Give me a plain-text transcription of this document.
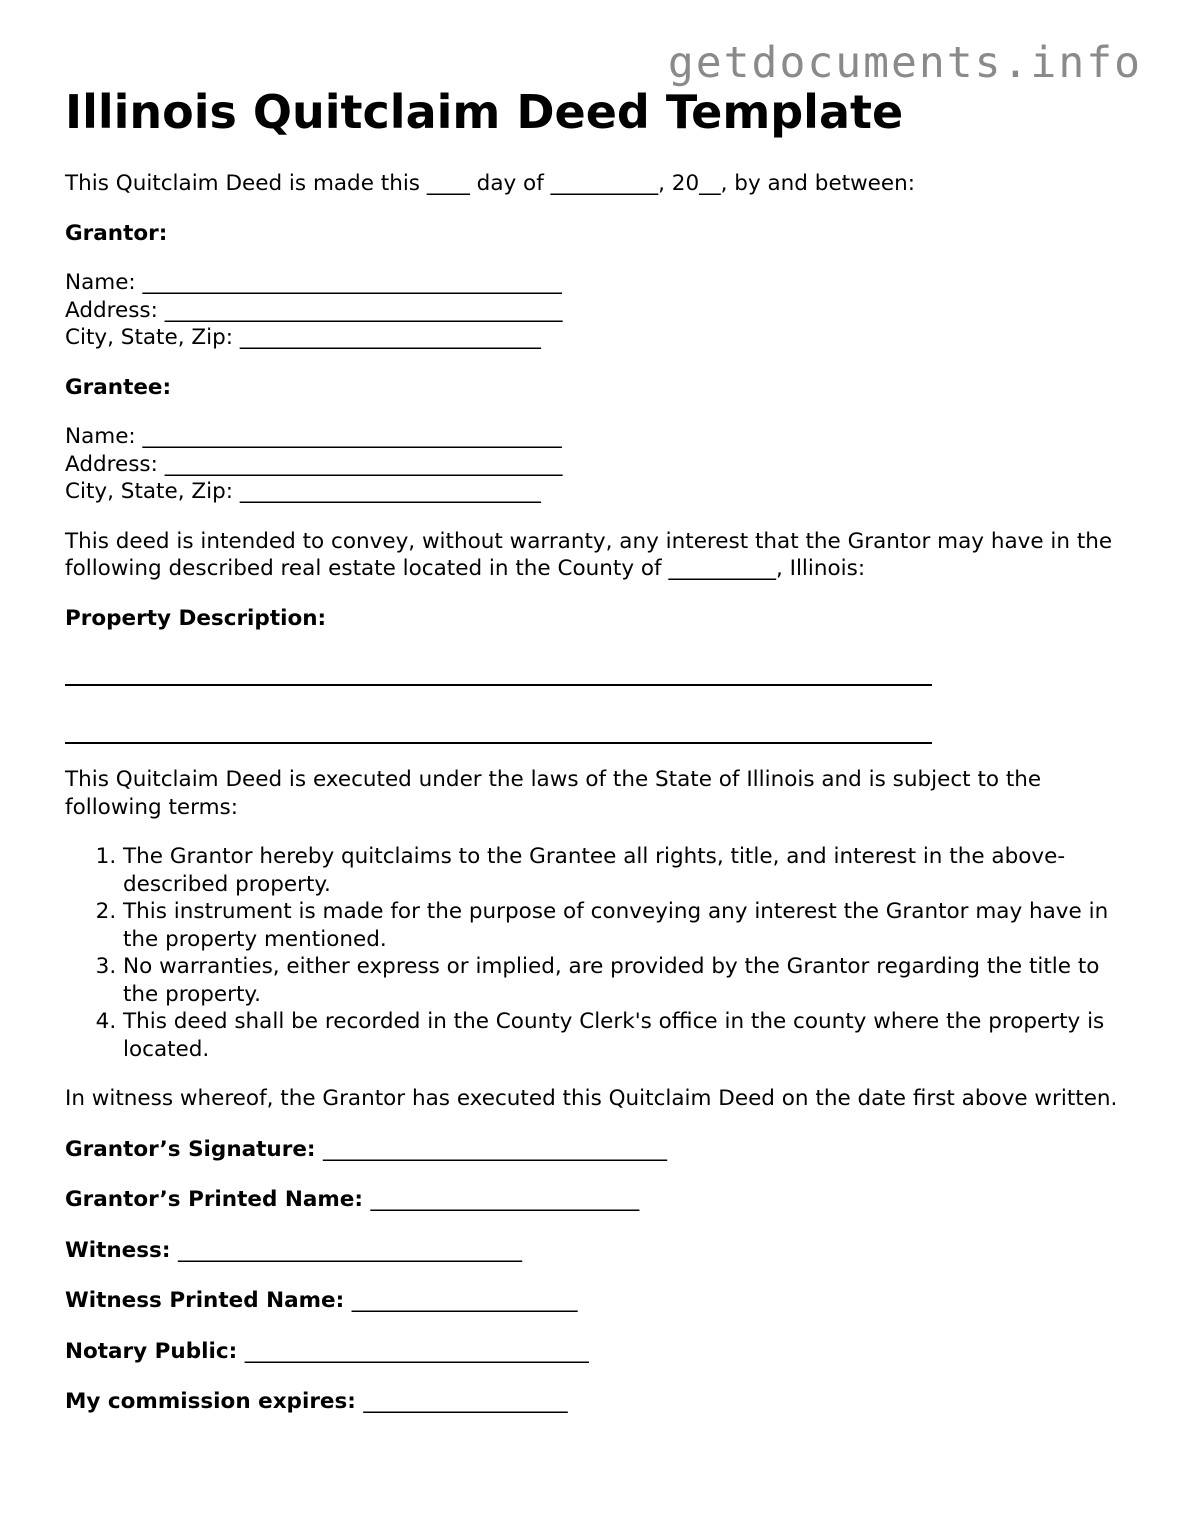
getdocuments.info
Illinois Quitclaim Deed Template

This Quitclaim Deed is made this ____ day of __________, 20__, by and between:

Grantor:

Name: _______________________________________
Address: _____________________________________
City, State, Zip: ____________________________

Grantee:

Name: _______________________________________
Address: _____________________________________
City, State, Zip: ____________________________

This deed is intended to convey, without warranty, any interest that the Grantor may have in the following described real estate located in the County of __________, Illinois:

Property Description:

This Quitclaim Deed is executed under the laws of the State of Illinois and is subject to the following terms:

1. The Grantor hereby quitclaims to the Grantee all rights, title, and interest in the above-described property.
2. This instrument is made for the purpose of conveying any interest the Grantor may have in the property mentioned.
3. No warranties, either express or implied, are provided by the Grantor regarding the title to the property.
4. This deed shall be recorded in the County Clerk's office in the county where the property is located.

In witness whereof, the Grantor has executed this Quitclaim Deed on the date first above written.

Grantor’s Signature: ________________________________
Grantor’s Printed Name: _________________________
Witness: ________________________________
Witness Printed Name: _____________________
Notary Public: ________________________________
My commission expires: ___________________
